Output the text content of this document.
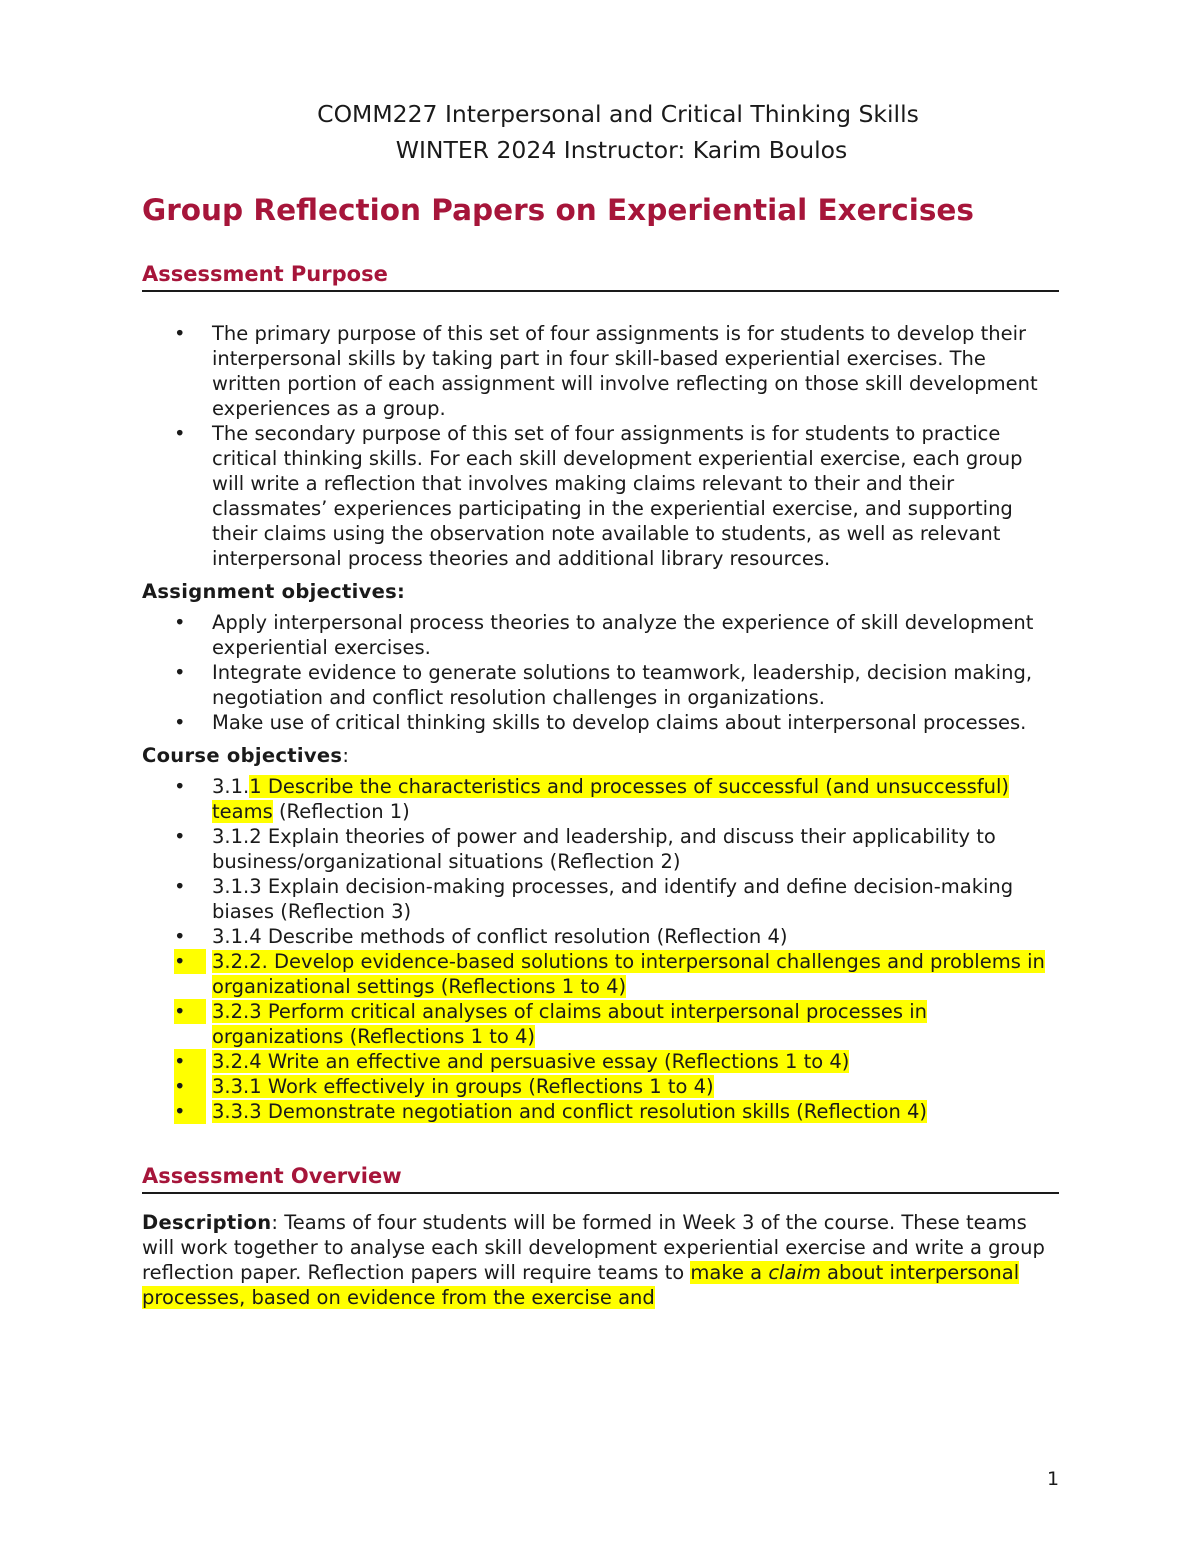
COMM227 Interpersonal and Critical Thinking Skills

WINTER 2024 Instructor: Karim Boulos

Group Reflection Papers on Experiential Exercises
Assessment Purpose
• The primary purpose of this set of four assignments is for students to develop their interpersonal skills by taking part in four skill-based experiential exercises. The written portion of each assignment will involve reflecting on those skill development experiences as a group.
• The secondary purpose of this set of four assignments is for students to practice critical thinking skills. For each skill development experiential exercise, each group will write a reflection that involves making claims relevant to their and their classmates’ experiences participating in the experiential exercise, and supporting their claims using the observation note available to students, as well as relevant interpersonal process theories and additional library resources.

Assignment objectives:

• Apply interpersonal process theories to analyze the experience of skill development experiential exercises.
• Integrate evidence to generate solutions to teamwork, leadership, decision making, negotiation and conflict resolution challenges in organizations.
• Make use of critical thinking skills to develop claims about interpersonal processes.

Course objectives:

• 3.1.1 Describe the characteristics and processes of successful (and unsuccessful) teams (Reflection 1)
• 3.1.2 Explain theories of power and leadership, and discuss their applicability to business/organizational situations (Reflection 2)
• 3.1.3 Explain decision-making processes, and identify and define decision-making biases (Reflection 3)
• 3.1.4 Describe methods of conflict resolution (Reflection 4)
•	3.2.2. Develop evidence-based solutions to interpersonal challenges and problems in organizational settings (Reflections 1 to 4)
•	3.2.3 Perform critical analyses of claims about interpersonal processes in organizations (Reflections 1 to 4)
•	3.2.4 Write an effective and persuasive essay (Reflections 1 to 4)
•	3.3.1 Work effectively in groups (Reflections 1 to 4)
•	3.3.3 Demonstrate negotiation and conflict resolution skills (Reflection 4)
Assessment Overview

Description: Teams of four students will be formed in Week 3 of the course. These teams will work together to analyse each skill development experiential exercise and write a group reflection paper. Reflection papers will require teams to make a claim about interpersonal processes, based on evidence from the exercise and

1
